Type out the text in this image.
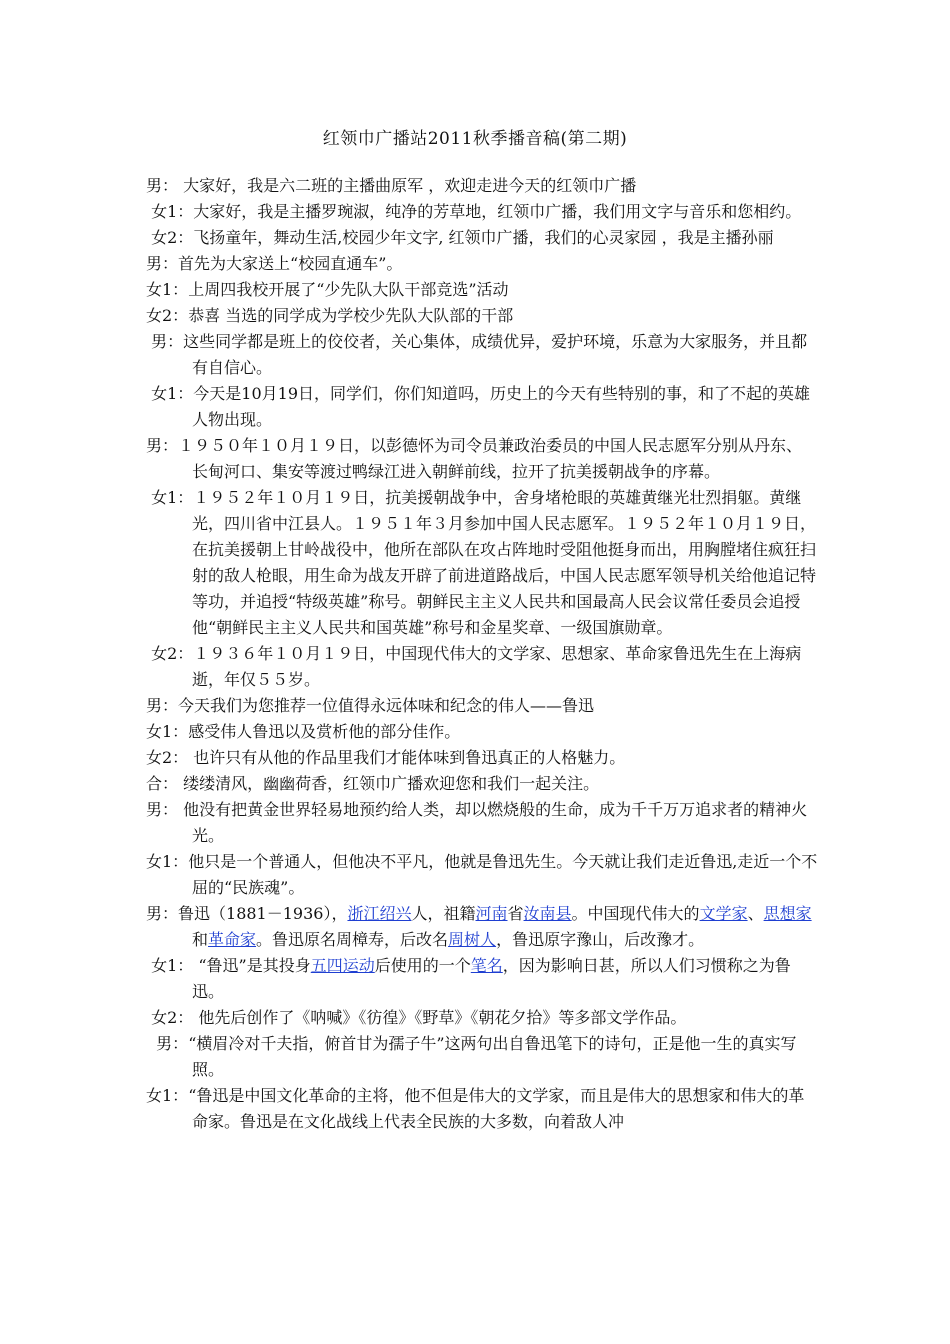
红领巾广播站2011秋季播音稿(第二期)

男： 大家好，我是六二班的主播曲原军 ，欢迎走进今天的红领巾广播

女1：大家好，我是主播罗琬淑，纯净的芳草地，红领巾广播，我们用文字与音乐和您相约。

女2：飞扬童年，舞动生活,校园少年文字, 红领巾广播，我们的心灵家园 ，我是主播孙丽

男：首先为大家送上“校园直通车”。

女1：上周四我校开展了“少先队大队干部竞选”活动

女2：恭喜 当选的同学成为学校少先队大队部的干部

男：这些同学都是班上的佼佼者，关心集体，成绩优异，爱护环境，乐意为大家服务，并且都有自信心。

女1：今天是10月19日，同学们，你们知道吗，历史上的今天有些特别的事，和了不起的英雄人物出现。

男：１９５０年１０月１９日，以彭德怀为司令员兼政治委员的中国人民志愿军分别从丹东、长甸河口、集安等渡过鸭绿江进入朝鲜前线，拉开了抗美援朝战争的序幕。

女1：１９５２年１０月１９日，抗美援朝战争中，舍身堵枪眼的英雄黄继光壮烈捐躯。黄继光，四川省中江县人。１９５１年３月参加中国人民志愿军。１９５２年１０月１９日，在抗美援朝上甘岭战役中，他所在部队在攻占阵地时受阻他挺身而出，用胸膛堵住疯狂扫射的敌人枪眼，用生命为战友开辟了前进道路战后，中国人民志愿军领导机关给他追记特等功，并追授“特级英雄”称号。朝鲜民主主义人民共和国最高人民会议常任委员会追授他“朝鲜民主主义人民共和国英雄”称号和金星奖章、一级国旗勋章。

女2：１９３６年１０月１９日，中国现代伟大的文学家、思想家、革命家鲁迅先生在上海病逝，年仅５５岁。

男：今天我们为您推荐一位值得永远体味和纪念的伟人——鲁迅

女1：感受伟人鲁迅以及赏析他的部分佳作。

女2： 也许只有从他的作品里我们才能体味到鲁迅真正的人格魅力。

合： 缕缕清风，幽幽荷香，红领巾广播欢迎您和我们一起关注。

男： 他没有把黄金世界轻易地预约给人类，却以燃烧般的生命，成为千千万万追求者的精神火光。

女1：他只是一个普通人，但他决不平凡，他就是鲁迅先生。今天就让我们走近鲁迅,走近一个不屈的“民族魂”。

男：鲁迅（1881－1936），浙江绍兴人，祖籍河南省汝南县。中国现代伟大的文学家、思想家和革命家。鲁迅原名周樟寿，后改名周树人，鲁迅原字豫山，后改豫才。

女1： “鲁迅”是其投身五四运动后使用的一个笔名，因为影响日甚，所以人们习惯称之为鲁迅。

女2： 他先后创作了《呐喊》《彷徨》《野草》《朝花夕拾》等多部文学作品。

男：“横眉冷对千夫指，俯首甘为孺子牛”这两句出自鲁迅笔下的诗句，正是他一生的真实写照。

女1：“鲁迅是中国文化革命的主将，他不但是伟大的文学家，而且是伟大的思想家和伟大的革命家。鲁迅是在文化战线上代表全民族的大多数，向着敌人冲
